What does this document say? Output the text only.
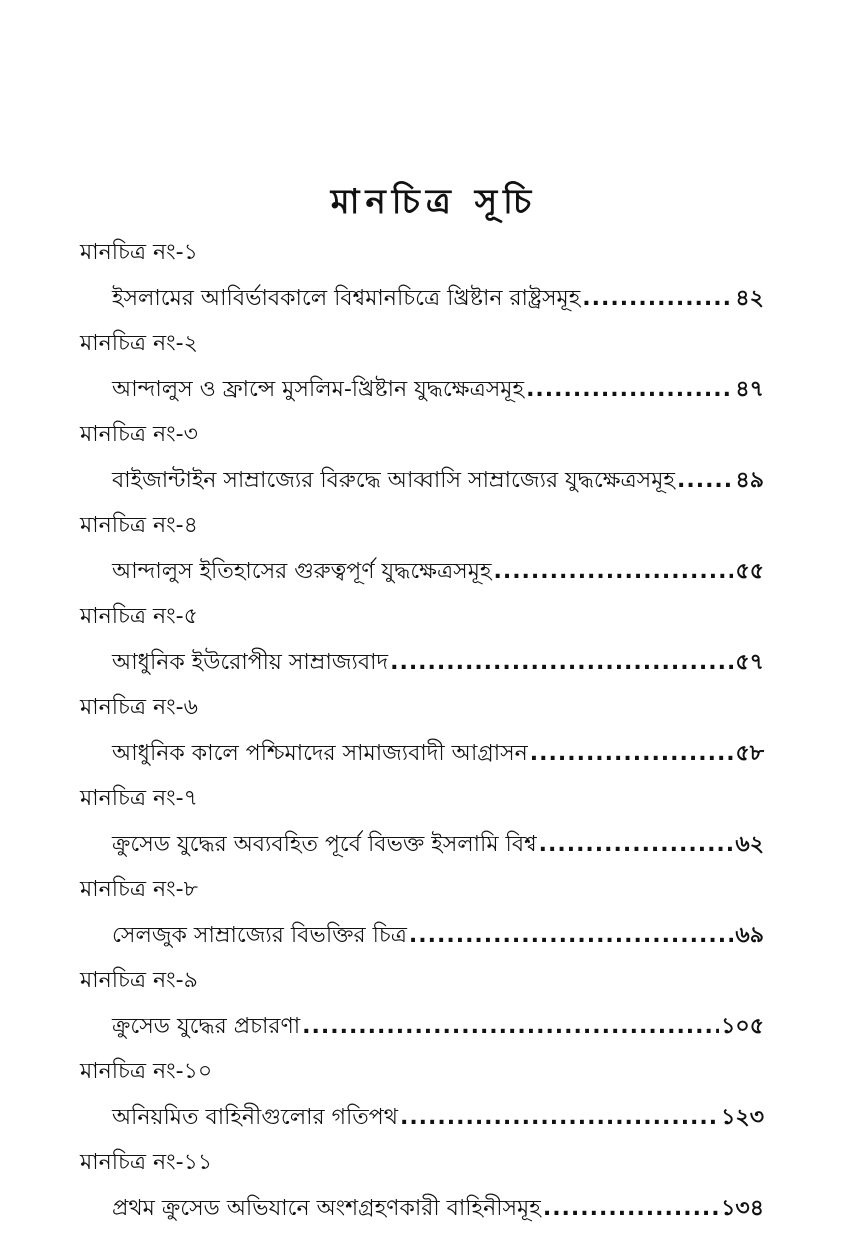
মানচিত্র সূচি
মানচিত্র নং-১
ইসলামের আবির্ভাবকালে বিশ্বমানচিত্রে খ্রিষ্টান রাষ্ট্রসমূহ .....	৪২
মানচিত্র নং-২
আন্দালুস ও ফ্রান্সে মুসলিম-খ্রিষ্টান যুদ্ধক্ষেত্রসমূহ .....	৪৭
মানচিত্র নং-৩
বাইজান্টাইন সাম্রাজ্যের বিরুদ্ধে আব্বাসি সাম্রাজ্যের যুদ্ধক্ষেত্রসমূহ .....	৪৯
মানচিত্র নং-৪
আন্দালুস ইতিহাসের গুরুত্বপূর্ণ যুদ্ধক্ষেত্রসমূহ .....	৫৫
মানচিত্র নং-৫
আধুনিক ইউরোপীয় সাম্রাজ্যবাদ .....	৫৭
মানচিত্র নং-৬
আধুনিক কালে পশ্চিমাদের সামাজ্যবাদী আগ্রাসন .....	৫৮
মানচিত্র নং-৭
ক্রুসেড যুদ্ধের অব্যবহিত পূর্বে বিভক্ত ইসলামি বিশ্ব .....	৬২
মানচিত্র নং-৮
সেলজুক সাম্রাজ্যের বিভক্তির চিত্র .....	৬৯
মানচিত্র নং-৯
ক্রুসেড যুদ্ধের প্রচারণা .....	১০৫
মানচিত্র নং-১০
অনিয়মিত বাহিনীগুলোর গতিপথ .....	১২৩
মানচিত্র নং-১১
প্রথম ক্রুসেড অভিযানে অংশগ্রহণকারী বাহিনীসমূহ .....	১৩৪
